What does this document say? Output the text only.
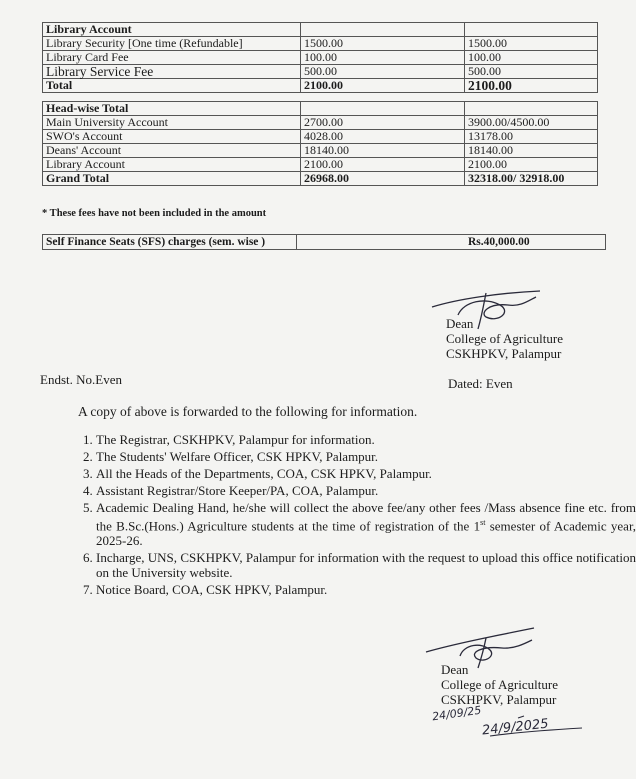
Library Account		
Library Security [One time (Refundable]	1500.00	1500.00
Library Card Fee	100.00	100.00
Library Service Fee	500.00	500.00
Total	2100.00	2100.00

Head-wise Total		
Main University Account	2700.00	3900.00/4500.00
SWO's Account	4028.00	13178.00
Deans' Account	18140.00	18140.00
Library Account	2100.00	2100.00
Grand Total	26968.00	32318.00/ 32918.00
* These fees have not been included in the amount
Self Finance Seats (SFS) charges (sem. wise )	Rs.40,000.00
Dean
College of Agriculture
CSKHPKV, Palampur
Endst. No.Even	Dated: Even
A copy of above is forwarded to the following for information.
1. The Registrar, CSKHPKV, Palampur for information.
2. The Students' Welfare Officer, CSK HPKV, Palampur.
3. All the Heads of the Departments, COA, CSK HPKV, Palampur.
4. Assistant Registrar/Store Keeper/PA, COA, Palampur.
5. Academic Dealing Hand, he/she will collect the above fee/any other fees /Mass absence fine etc. from the B.Sc.(Hons.) Agriculture students at the time of registration of the 1st semester of Academic year, 2025-26.
6. Incharge, UNS, CSKHPKV, Palampur for information with the request to upload this office notification on the University website.
7. Notice Board, COA, CSK HPKV, Palampur.
Dean
College of Agriculture
CSKHPKV, Palampur
24/09/25
24/9/2025
